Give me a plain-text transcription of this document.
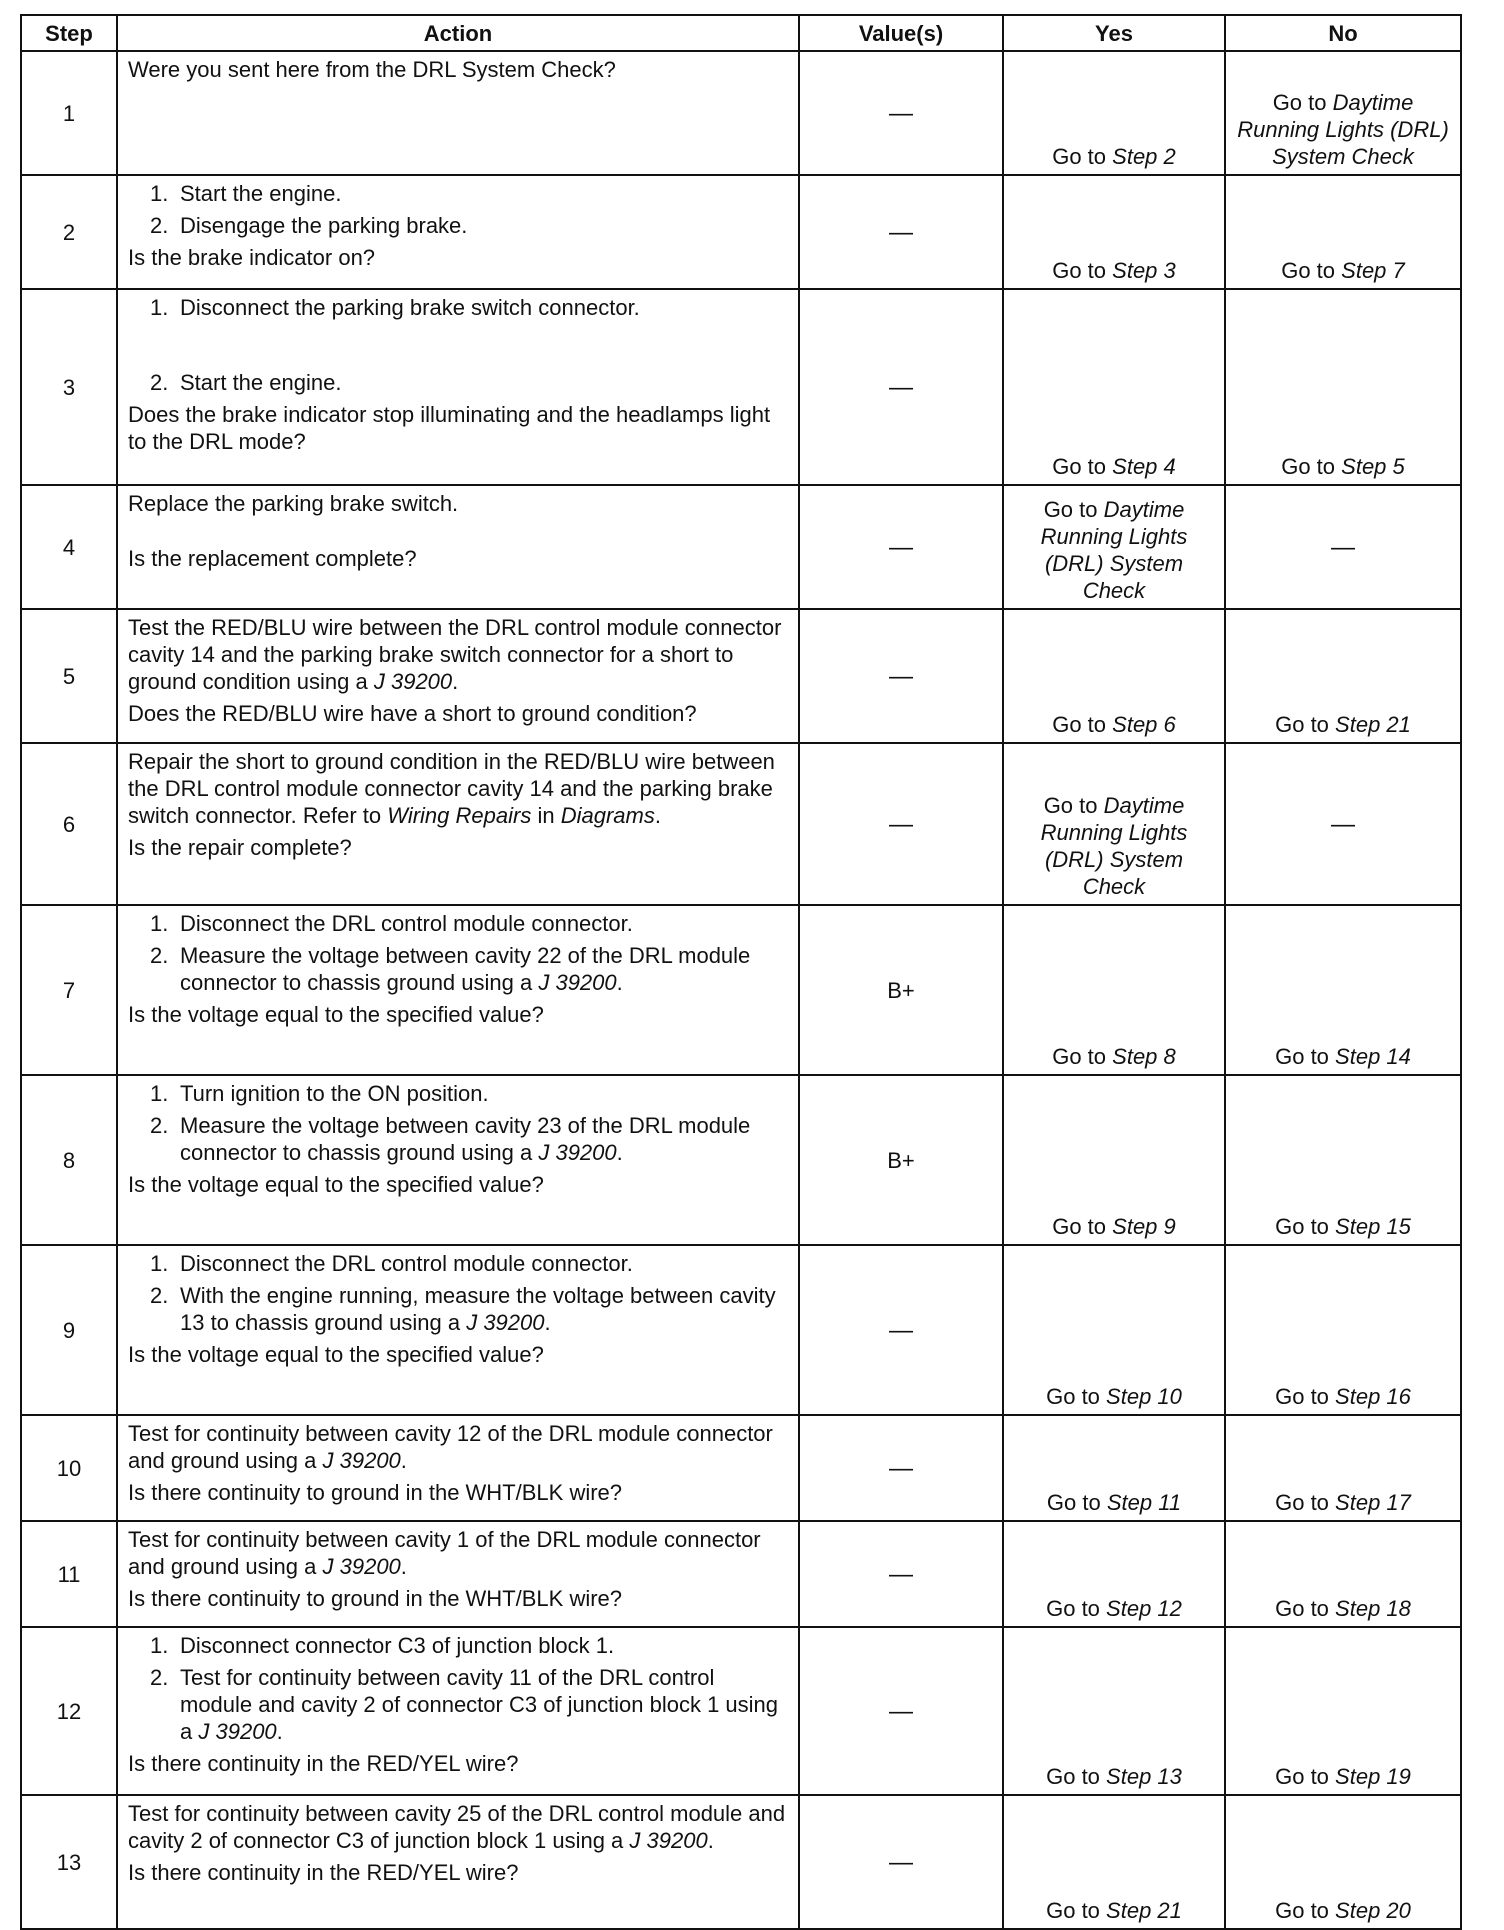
Step	Action	Value(s)	Yes	No
1	Were you sent here from the DRL System Check?	—	Go to Step 2	Go to Daytime Running Lights (DRL) System Check
2	1. Start the engine.
2. Disengage the parking brake.
Is the brake indicator on?	—	Go to Step 3	Go to Step 7
3	1. Disconnect the parking brake switch connector.
2. Start the engine.
Does the brake indicator stop illuminating and the headlamps light to the DRL mode?	—	Go to Step 4	Go to Step 5
4	Replace the parking brake switch.
Is the replacement complete?	—	Go to Daytime Running Lights (DRL) System Check	—
5	Test the RED/BLU wire between the DRL control module connector cavity 14 and the parking brake switch connector for a short to ground condition using a J 39200.
Does the RED/BLU wire have a short to ground condition?	—	Go to Step 6	Go to Step 21
6	Repair the short to ground condition in the RED/BLU wire between the DRL control module connector cavity 14 and the parking brake switch connector. Refer to Wiring Repairs in Diagrams.
Is the repair complete?	—	Go to Daytime Running Lights (DRL) System Check	—
7	1. Disconnect the DRL control module connector.
2. Measure the voltage between cavity 22 of the DRL module connector to chassis ground using a J 39200.
Is the voltage equal to the specified value?	B+	Go to Step 8	Go to Step 14
8	1. Turn ignition to the ON position.
2. Measure the voltage between cavity 23 of the DRL module connector to chassis ground using a J 39200.
Is the voltage equal to the specified value?	B+	Go to Step 9	Go to Step 15
9	1. Disconnect the DRL control module connector.
2. With the engine running, measure the voltage between cavity 13 to chassis ground using a J 39200.
Is the voltage equal to the specified value?	—	Go to Step 10	Go to Step 16
10	Test for continuity between cavity 12 of the DRL module connector and ground using a J 39200.
Is there continuity to ground in the WHT/BLK wire?	—	Go to Step 11	Go to Step 17
11	Test for continuity between cavity 1 of the DRL module connector and ground using a J 39200.
Is there continuity to ground in the WHT/BLK wire?	—	Go to Step 12	Go to Step 18
12	1. Disconnect connector C3 of junction block 1.
2. Test for continuity between cavity 11 of the DRL control module and cavity 2 of connector C3 of junction block 1 using a J 39200.
Is there continuity in the RED/YEL wire?	—	Go to Step 13	Go to Step 19
13	Test for continuity between cavity 25 of the DRL control module and cavity 2 of connector C3 of junction block 1 using a J 39200.
Is there continuity in the RED/YEL wire?	—	Go to Step 21	Go to Step 20
